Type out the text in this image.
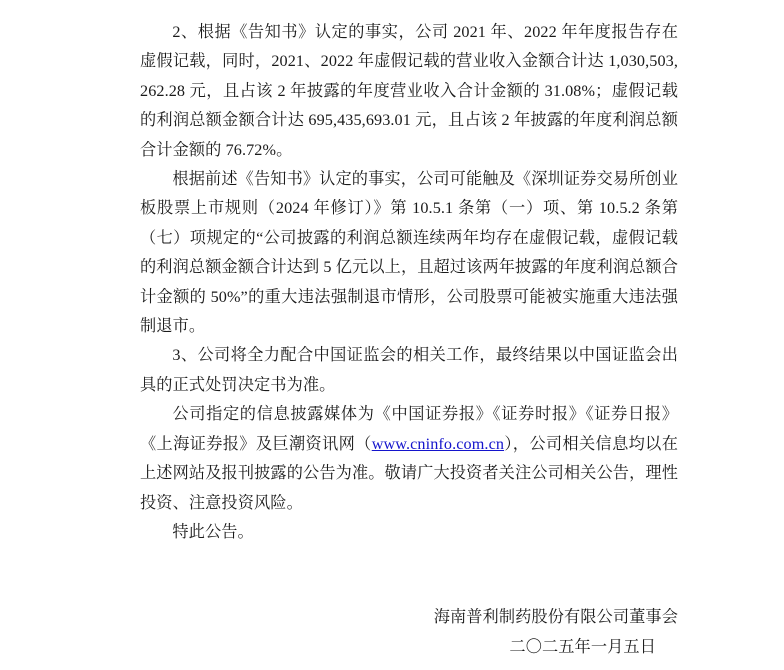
2、根据《告知书》认定的事实，公司 2021 年、2022 年年度报告存在虚假记载，同时，2021、2022 年虚假记载的营业收入金额合计达 1,030,503,262.28 元，且占该 2 年披露的年度营业收入合计金额的 31.08%；虚假记载的利润总额金额合计达 695,435,693.01 元，且占该 2 年披露的年度利润总额合计金额的 76.72%。

根据前述《告知书》认定的事实，公司可能触及《深圳证券交易所创业板股票上市规则（2024 年修订）》第 10.5.1 条第（一）项、第 10.5.2 条第（七）项规定的“公司披露的利润总额连续两年均存在虚假记载，虚假记载的利润总额金额合计达到 5 亿元以上，且超过该两年披露的年度利润总额合计金额的 50%”的重大违法强制退市情形，公司股票可能被实施重大违法强制退市。

3、公司将全力配合中国证监会的相关工作，最终结果以中国证监会出具的正式处罚决定书为准。

公司指定的信息披露媒体为《中国证券报》《证券时报》《证券日报》《上海证券报》及巨潮资讯网（www.cninfo.com.cn），公司相关信息均以在上述网站及报刊披露的公告为准。敬请广大投资者关注公司相关公告，理性投资、注意投资风险。

特此公告。

海南普利制药股份有限公司董事会
二〇二五年一月五日
